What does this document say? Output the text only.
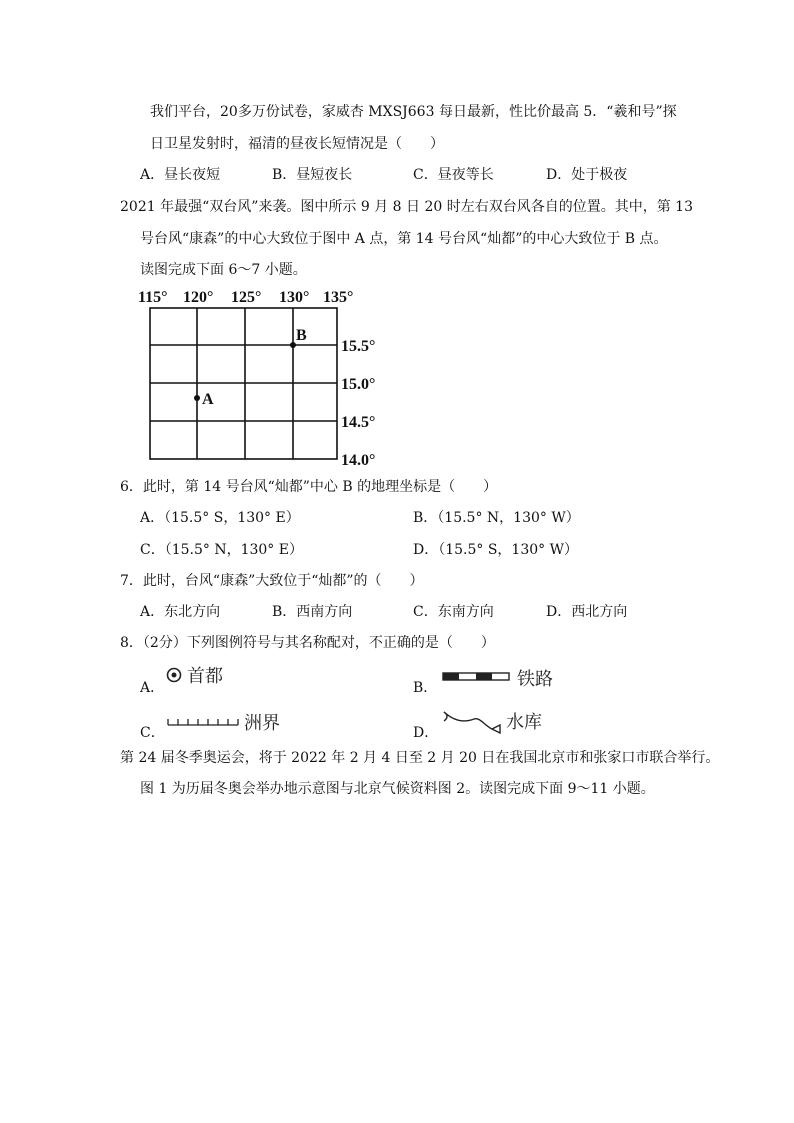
我们平台，20多万份试卷，家威杏 MXSJ663 每日最新，性比价最高 5．“羲和号”探
日卫星发射时，福清的昼夜长短情况是（　　）
A．昼长夜短	B．昼短夜长	C．昼夜等长	D．处于极夜
2021 年最强“双台风”来袭。图中所示 9 月 8 日 20 时左右双台风各自的位置。其中，第 13
号台风“康森”的中心大致位于图中 A 点，第 14 号台风“灿都”的中心大致位于 B 点。
读图完成下面 6～7 小题。
115° 120° 125° 130° 135°
15.5°
15.0°
14.5°
14.0°
A
B
6．此时，第 14 号台风“灿都”中心 B 的地理坐标是（　　）
A．（15.5° S，130° E）	B．（15.5° N，130° W）
C．（15.5° N，130° E）	D．（15.5° S，130° W）
7．此时，台风“康森”大致位于“灿都”的（　　）
A．东北方向	B．西南方向	C．东南方向	D．西北方向
8．（2分）下列图例符号与其名称配对，不正确的是（　　）
A．
首都
B．	铁路
C．	洲界	D．
水库
第 24 届冬季奥运会，将于 2022 年 2 月 4 日至 2 月 20 日在我国北京市和张家口市联合举行。
图 1 为历届冬奥会举办地示意图与北京气候资料图 2。读图完成下面 9～11 小题。
